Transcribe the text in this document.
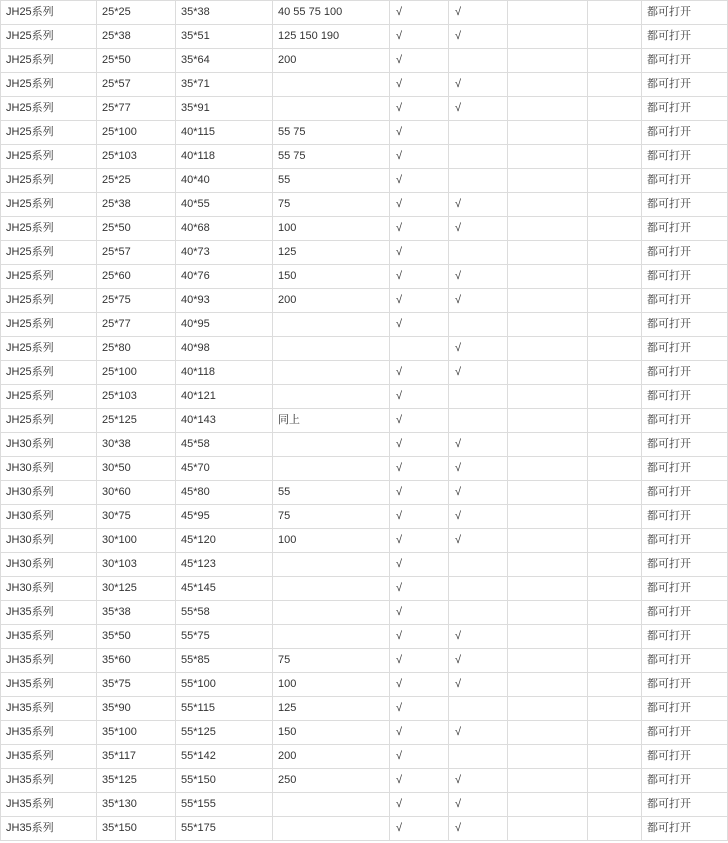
JH25系列	25*25	35*38	40 55 75 100	√	√			都可打开
JH25系列	25*38	35*51	125 150 190	√	√			都可打开
JH25系列	25*50	35*64	200	√				都可打开
JH25系列	25*57	35*71		√	√			都可打开
JH25系列	25*77	35*91		√	√			都可打开
JH25系列	25*100	40*115	55 75	√				都可打开
JH25系列	25*103	40*118	55 75	√				都可打开
JH25系列	25*25	40*40	55	√				都可打开
JH25系列	25*38	40*55	75	√	√			都可打开
JH25系列	25*50	40*68	100	√	√			都可打开
JH25系列	25*57	40*73	125	√				都可打开
JH25系列	25*60	40*76	150	√	√			都可打开
JH25系列	25*75	40*93	200	√	√			都可打开
JH25系列	25*77	40*95		√				都可打开
JH25系列	25*80	40*98			√			都可打开
JH25系列	25*100	40*118		√	√			都可打开
JH25系列	25*103	40*121		√				都可打开
JH25系列	25*125	40*143	同上	√				都可打开
JH30系列	30*38	45*58		√	√			都可打开
JH30系列	30*50	45*70		√	√			都可打开
JH30系列	30*60	45*80	55	√	√			都可打开
JH30系列	30*75	45*95	75	√	√			都可打开
JH30系列	30*100	45*120	100	√	√			都可打开
JH30系列	30*103	45*123		√				都可打开
JH30系列	30*125	45*145		√				都可打开
JH35系列	35*38	55*58		√				都可打开
JH35系列	35*50	55*75		√	√			都可打开
JH35系列	35*60	55*85	75	√	√			都可打开
JH35系列	35*75	55*100	100	√	√			都可打开
JH35系列	35*90	55*115	125	√				都可打开
JH35系列	35*100	55*125	150	√	√			都可打开
JH35系列	35*117	55*142	200	√				都可打开
JH35系列	35*125	55*150	250	√	√			都可打开
JH35系列	35*130	55*155		√	√			都可打开
JH35系列	35*150	55*175		√	√			都可打开
